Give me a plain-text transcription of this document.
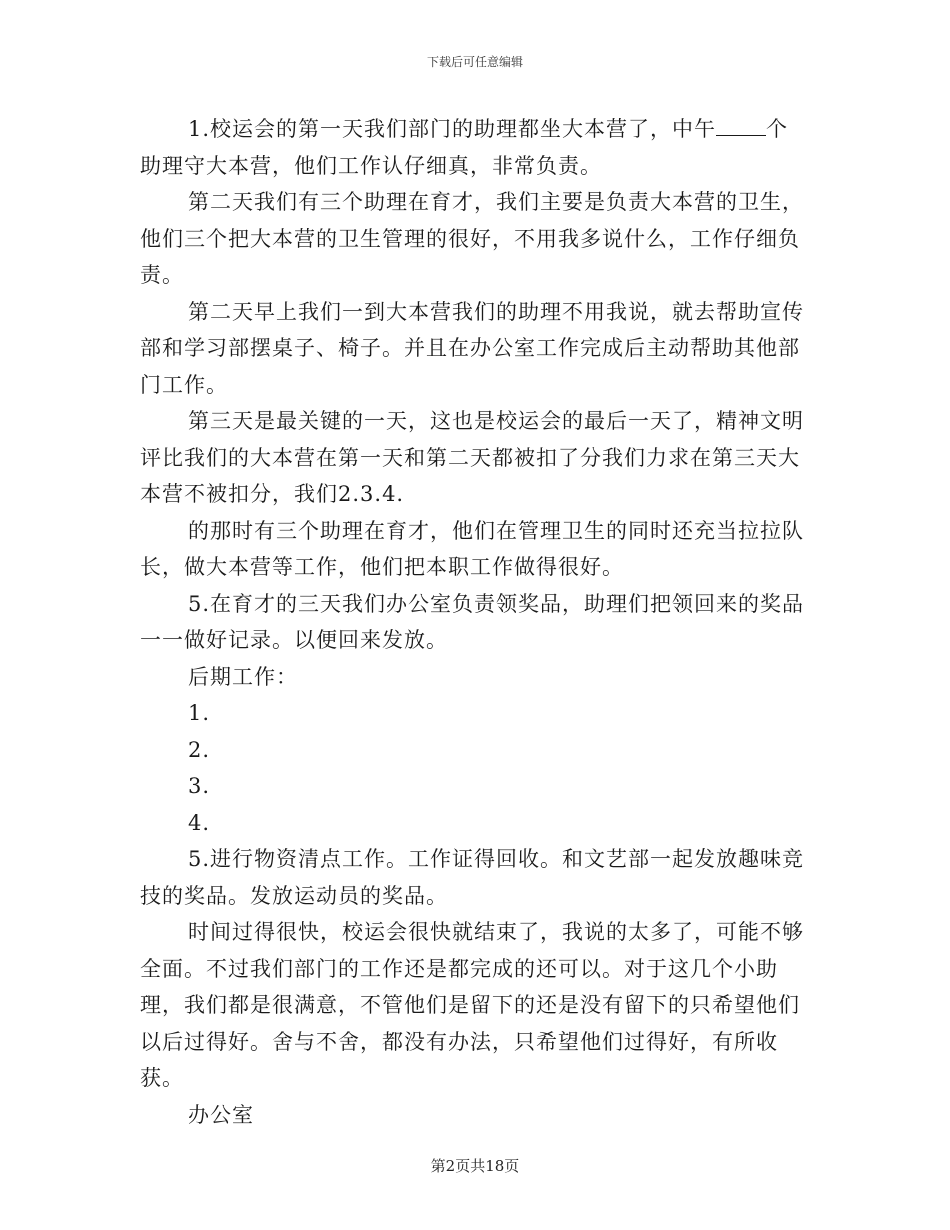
下载后可任意编辑

1.校运会的第一天我们部门的助理都坐大本营了，中午 个助理守大本营，他们工作认仔细真，非常负责。

第二天我们有三个助理在育才，我们主要是负责大本营的卫生，他们三个把大本营的卫生管理的很好，不用我多说什么，工作仔细负责。

第二天早上我们一到大本营我们的助理不用我说，就去帮助宣传部和学习部摆桌子、椅子。并且在办公室工作完成后主动帮助其他部门工作。

第三天是最关键的一天，这也是校运会的最后一天了，精神文明评比我们的大本营在第一天和第二天都被扣了分我们力求在第三天大本营不被扣分，我们2.3.4.

的那时有三个助理在育才，他们在管理卫生的同时还充当拉拉队长，做大本营等工作，他们把本职工作做得很好。

5.在育才的三天我们办公室负责领奖品，助理们把领回来的奖品一一做好记录。以便回来发放。

后期工作：

1.

2.

3.

4.

5.进行物资清点工作。工作证得回收。和文艺部一起发放趣味竞技的奖品。发放运动员的奖品。

时间过得很快，校运会很快就结束了，我说的太多了，可能不够全面。不过我们部门的工作还是都完成的还可以。对于这几个小助理，我们都是很满意，不管他们是留下的还是没有留下的只希望他们以后过得好。舍与不舍，都没有办法，只希望他们过得好，有所收获。

办公室

第2页共18页
